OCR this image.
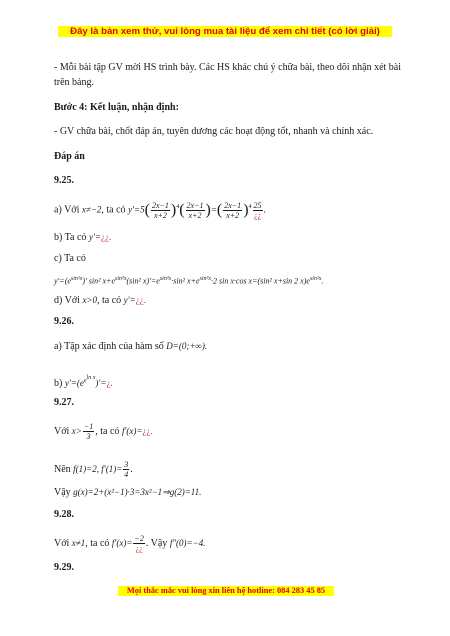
Đây là bản xem thử, vui lòng mua tài liệu để xem chi tiết (có lời giải)
- Mỗi bài tập GV mời HS trình bày. Các HS khác chú ý chữa bài, theo dõi nhận xét bài trên bảng.
Bước 4: Kết luận, nhận định:
- GV chữa bài, chốt đáp án, tuyên dương các hoạt động tốt, nhanh và chính xác.
Đáp án
9.25.
a) Với x≠−2, ta có $y'=5( \frac{2x-1}{x+2} )^4( \frac{2x-1}{x+2}$ )=( $\frac{2x-1}{x+2} )^4 \frac{25}{¿¿}$ .
b) Ta có y′=¿¿.
c) Ta có
$y'=(e^{sin^2x})'$ sin² $x+e^{sin^2x}(\sin^2$ $x)'=e^{sin^2x}\cdot\sin^2$ $x+e^{sin^2x}\cdot 2$ sin x·cos x=(sin² x+sin 2 $x)e^{sin^2x}$.
d) Với x>0, ta có y′=¿¿.
9.26.
a) Tập xác định của hàm số D=(0;+∞).
b) $y'=(e^{e^{ln x}})'=¿$.
9.27.
Với $x> \frac{-1}{3}$ , ta có f′(x)=¿¿.
Nên f(1)=2, $f'(1)= \frac{3}{4}$ .
Vậy g(x)=2+(x²−1)·3=3x²−1⇒g(2)=11.
9.28.
Với x≠1, ta có $f'(x)= \frac{-2}{¿¿}$ . Vậy f″(0)=−4.
9.29.
Mọi thắc mắc vui lòng xin liên hệ hotline: 084 283 45 85
